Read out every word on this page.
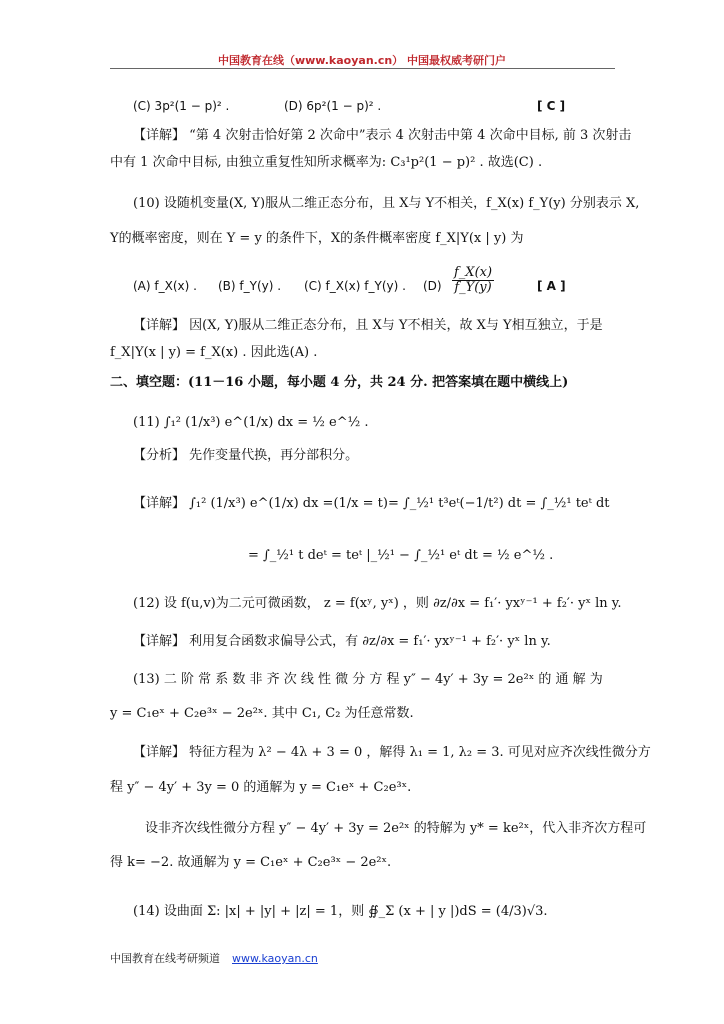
中国教育在线（www.kaoyan.cn） 中国最权威考研门户
(C) 3p²(1 − p)² .	(D) 6p²(1 − p)² .	[ C ]
【详解】 “第 4 次射击恰好第 2 次命中”表示 4 次射击中第 4 次命中目标, 前 3 次射击
中有 1 次命中目标, 由独立重复性知所求概率为: C₃¹p²(1 − p)² . 故选(C) .
(10) 设随机变量(X, Y)服从二维正态分布，且 X与 Y不相关，f_X(x) f_Y(y) 分别表示 X,
Y的概率密度，则在 Y = y 的条件下，X的条件概率密度 f_X|Y(x | y) 为
(A) f_X(x) . (B) f_Y(y) . (C) f_X(x) f_Y(y) . $(D) \frac{f\_X(x)}{f\_Y(y)}$	[ A ]
【详解】 因(X, Y)服从二维正态分布，且 X与 Y不相关，故 X与 Y相互独立，于是
f_X|Y(x | y) = f_X(x) . 因此选(A) .
二、填空题：(11－16 小题，每小题 4 分，共 24 分. 把答案填在题中横线上)
(11) ∫₁² (1/x³) e^(1/x) dx = ½ e^½ .
【分析】 先作变量代换，再分部积分。
【详解】 ∫₁² (1/x³) e^(1/x) dx =(1/x = t)= ∫_½¹ t³eᵗ(−1/t²) dt = ∫_½¹ teᵗ dt
= ∫_½¹ t deᵗ = teᵗ |_½¹ − ∫_½¹ eᵗ dt = ½ e^½ .
(12) 设 f(u,v)为二元可微函数， z = f(xʸ, yˣ) ，则 ∂z/∂x = f₁′· yxʸ⁻¹ + f₂′· yˣ ln y.
【详解】 利用复合函数求偏导公式，有 ∂z/∂x = f₁′· yxʸ⁻¹ + f₂′· yˣ ln y.
(13) 二 阶 常 系 数 非 齐 次 线 性 微 分 方 程 y″ − 4y′ + 3y = 2e²ˣ 的 通 解 为
y = C₁eˣ + C₂e³ˣ − 2e²ˣ. 其中 C₁, C₂ 为任意常数.
【详解】 特征方程为 λ² − 4λ + 3 = 0 ，解得 λ₁ = 1, λ₂ = 3. 可见对应齐次线性微分方
程 y″ − 4y′ + 3y = 0 的通解为 y = C₁eˣ + C₂e³ˣ.
设非齐次线性微分方程 y″ − 4y′ + 3y = 2e²ˣ 的特解为 y* = ke²ˣ，代入非齐次方程可
得 k= −2. 故通解为 y = C₁eˣ + C₂e³ˣ − 2e²ˣ.
(14) 设曲面 Σ: |x| + |y| + |z| = 1，则 ∯_Σ (x + | y |)dS = (4/3)√3.
中国教育在线考研频道 www.kaoyan.cn
